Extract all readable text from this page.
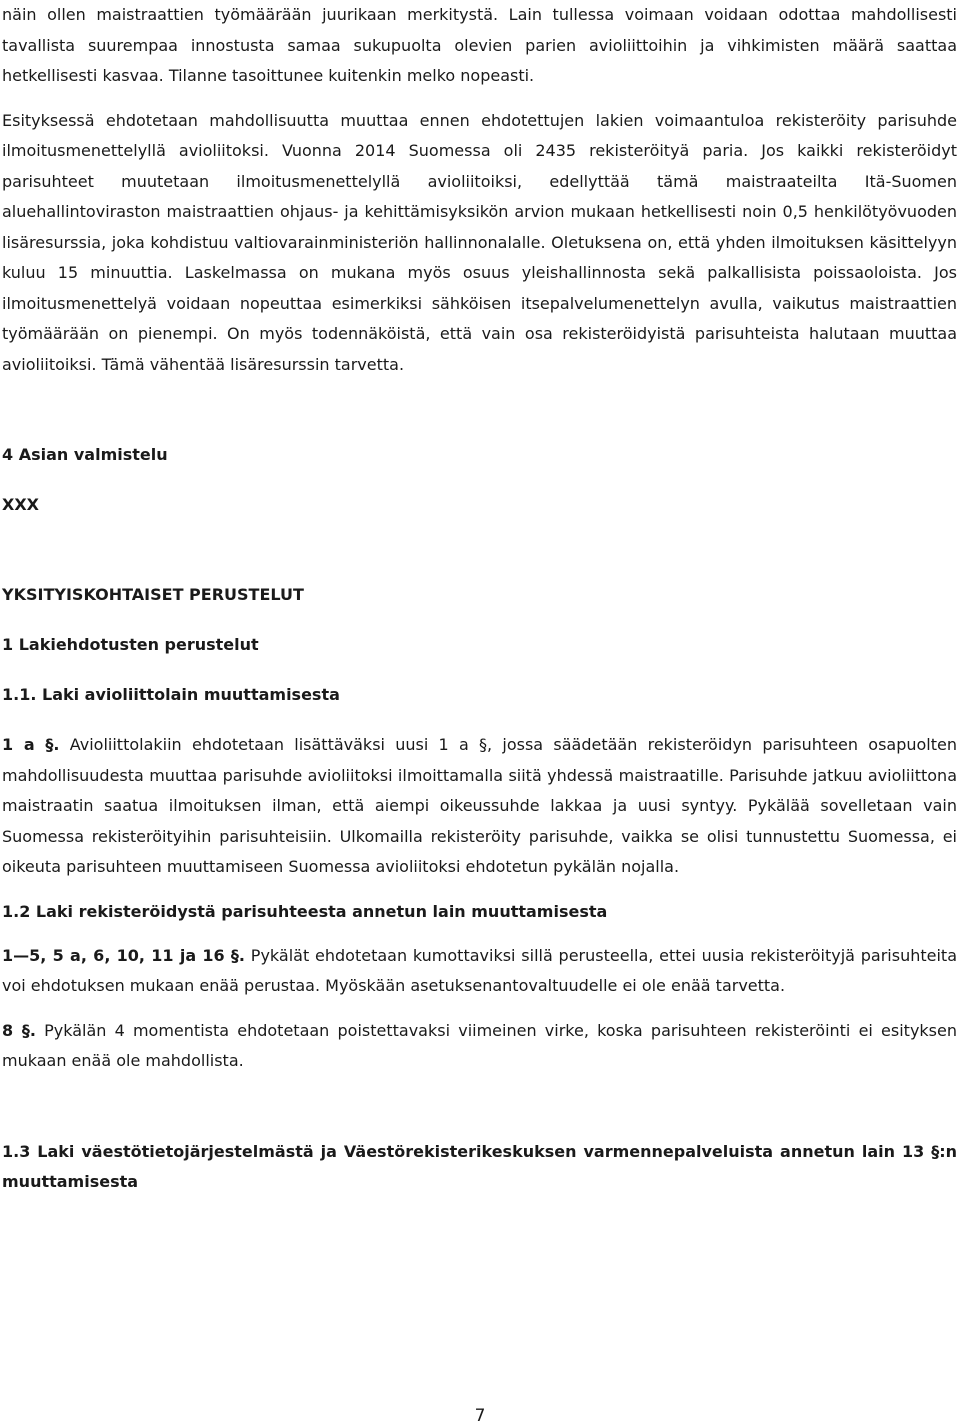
näin ollen maistraattien työmäärään juurikaan merkitystä. Lain tullessa voimaan voidaan odottaa mahdollisesti tavallista suurempaa innostusta samaa sukupuolta olevien parien avioliittoihin ja vihkimisten määrä saattaa hetkellisesti kasvaa. Tilanne tasoittunee kuitenkin melko nopeasti.

Esityksessä ehdotetaan mahdollisuutta muuttaa ennen ehdotettujen lakien voimaantuloa rekisteröity parisuhde ilmoitusmenettelyllä avioliitoksi. Vuonna 2014 Suomessa oli 2435 rekisteröityä paria. Jos kaikki rekisteröidyt parisuhteet muutetaan ilmoitusmenettelyllä avioliitoiksi, edellyttää tämä maistraateilta Itä-Suomen aluehallintoviraston maistraattien ohjaus- ja kehittämisyksikön arvion mukaan hetkellisesti noin 0,5 henkilötyövuoden lisäresurssia, joka kohdistuu valtiovarainministeriön hallinnonalalle. Oletuksena on, että yhden ilmoituksen käsittelyyn kuluu 15 minuuttia. Laskelmassa on mukana myös osuus yleishallinnosta sekä palkallisista poissaoloista. Jos ilmoitusmenettelyä voidaan nopeuttaa esimerkiksi sähköisen itsepalvelumenettelyn avulla, vaikutus maistraattien työmäärään on pienempi. On myös todennäköistä, että vain osa rekisteröidyistä parisuhteista halutaan muuttaa avioliitoiksi. Tämä vähentää lisäresurssin tarvetta.

4 Asian valmistelu
XXX
YKSITYISKOHTAISET PERUSTELUT
1 Lakiehdotusten perustelut
1.1. Laki avioliittolain muuttamisesta

1 a §. Avioliittolakiin ehdotetaan lisättäväksi uusi 1 a §, jossa säädetään rekisteröidyn parisuhteen osapuolten mahdollisuudesta muuttaa parisuhde avioliitoksi ilmoittamalla siitä yhdessä maistraatille. Parisuhde jatkuu avioliittona maistraatin saatua ilmoituksen ilman, että aiempi oikeussuhde lakkaa ja uusi syntyy. Pykälää sovelletaan vain Suomessa rekisteröityihin parisuhteisiin. Ulkomailla rekisteröity parisuhde, vaikka se olisi tunnustettu Suomessa, ei oikeuta parisuhteen muuttamiseen Suomessa avioliitoksi ehdotetun pykälän nojalla.

1.2 Laki rekisteröidystä parisuhteesta annetun lain muuttamisesta

1—5, 5 a, 6, 10, 11 ja 16 §. Pykälät ehdotetaan kumottaviksi sillä perusteella, ettei uusia rekisteröityjä parisuhteita voi ehdotuksen mukaan enää perustaa. Myöskään asetuksenantovaltuudelle ei ole enää tarvetta.

8 §. Pykälän 4 momentista ehdotetaan poistettavaksi viimeinen virke, koska parisuhteen rekisteröinti ei esityksen mukaan enää ole mahdollista.

1.3 Laki väestötietojärjestelmästä ja Väestörekisterikeskuksen varmennepalveluista annetun lain 13 §:n muuttamisesta

7
